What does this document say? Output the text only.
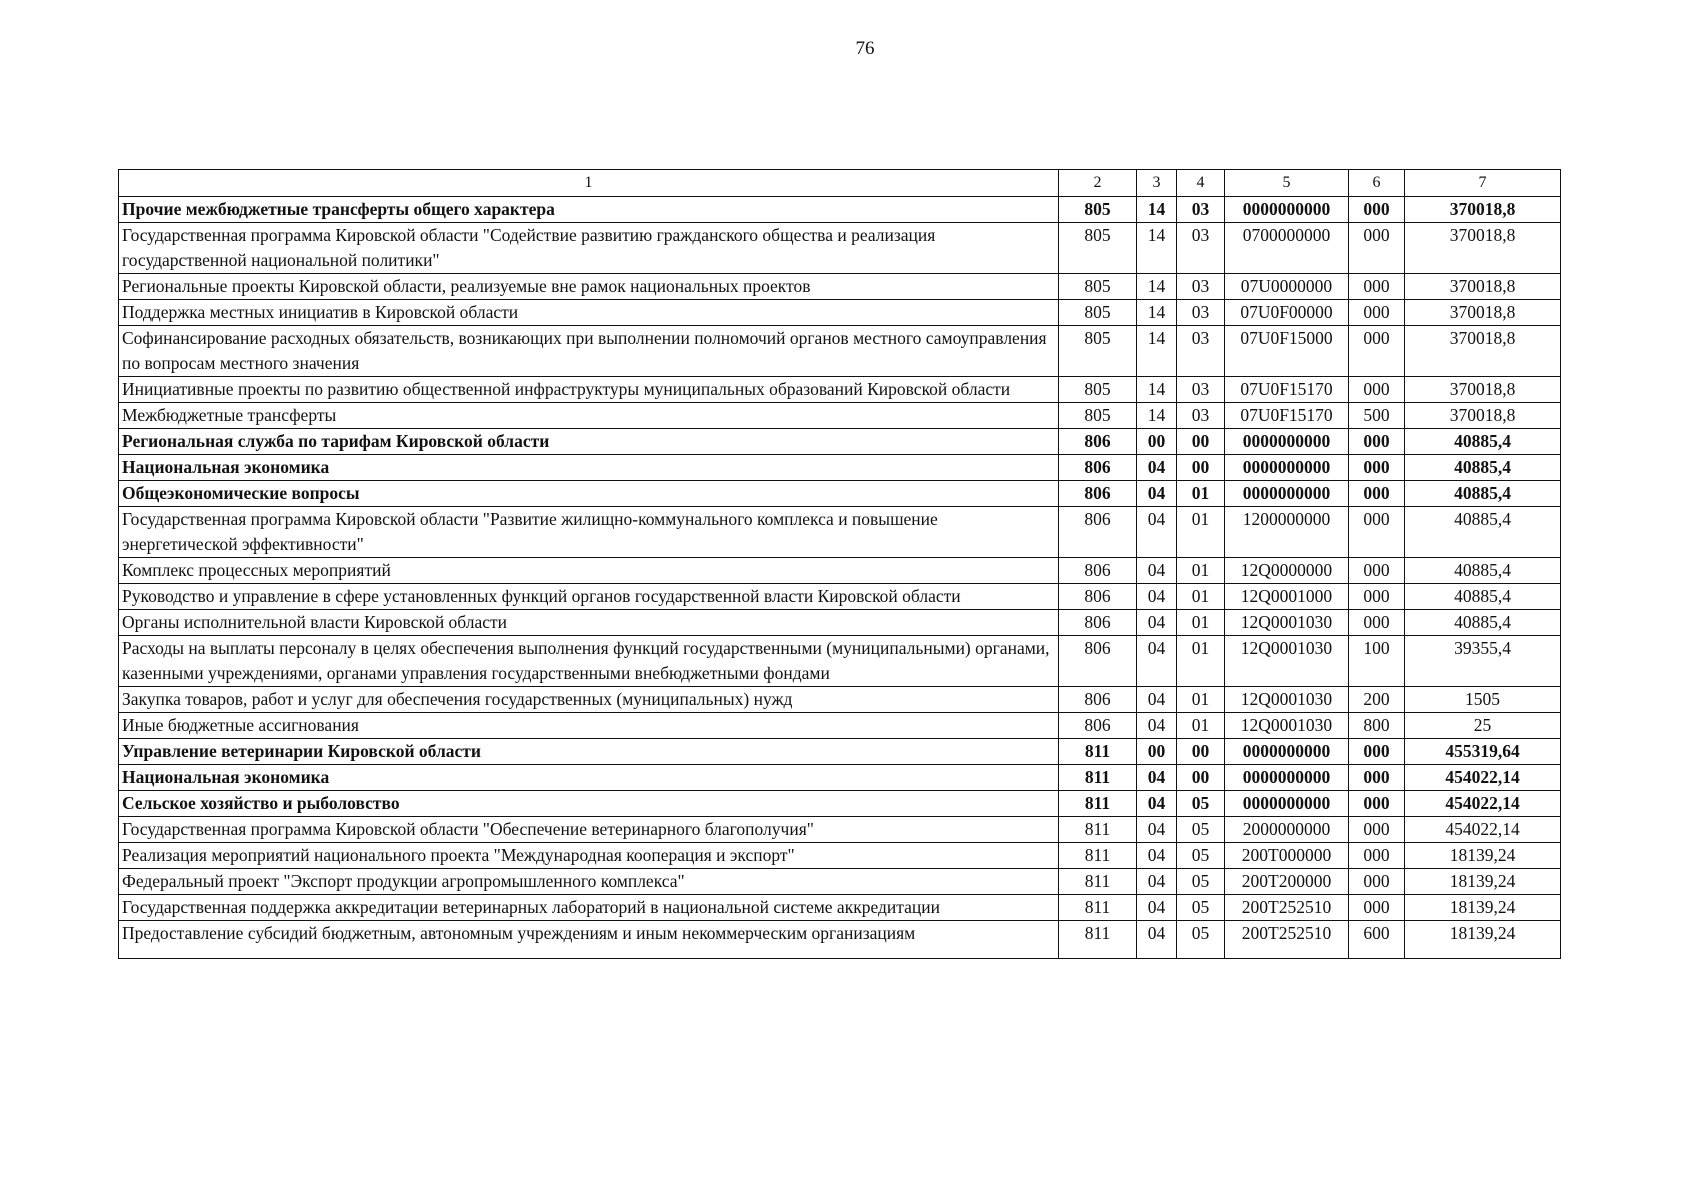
76
1	2	3	4	5	6	7
Прочие межбюджетные трансферты общего характера	805	14	03	0000000000	000	370018,8
Государственная программа Кировской области "Содействие развитию гражданского общества и реализация государственной национальной политики"	805	14	03	0700000000	000	370018,8
Региональные проекты Кировской области, реализуемые вне рамок национальных проектов	805	14	03	07U0000000	000	370018,8
Поддержка местных инициатив в Кировской области	805	14	03	07U0F00000	000	370018,8
Софинансирование расходных обязательств, возникающих при выполнении полномочий органов местного самоуправления по вопросам местного значения	805	14	03	07U0F15000	000	370018,8
Инициативные проекты по развитию общественной инфраструктуры муниципальных образований Кировской области	805	14	03	07U0F15170	000	370018,8
Межбюджетные трансферты	805	14	03	07U0F15170	500	370018,8
Региональная служба по тарифам Кировской области	806	00	00	0000000000	000	40885,4
Национальная экономика	806	04	00	0000000000	000	40885,4
Общеэкономические вопросы	806	04	01	0000000000	000	40885,4
Государственная программа Кировской области "Развитие жилищно-коммунального комплекса и повышение энергетической эффективности"	806	04	01	1200000000	000	40885,4
Комплекс процессных мероприятий	806	04	01	12Q0000000	000	40885,4
Руководство и управление в сфере установленных функций органов государственной власти Кировской области	806	04	01	12Q0001000	000	40885,4
Органы исполнительной власти Кировской области	806	04	01	12Q0001030	000	40885,4
Расходы на выплаты персоналу в целях обеспечения выполнения функций государственными (муниципальными) органами, казенными учреждениями, органами управления государственными внебюджетными фондами	806	04	01	12Q0001030	100	39355,4
Закупка товаров, работ и услуг для обеспечения государственных (муниципальных) нужд	806	04	01	12Q0001030	200	1505
Иные бюджетные ассигнования	806	04	01	12Q0001030	800	25
Управление ветеринарии Кировской области	811	00	00	0000000000	000	455319,64
Национальная экономика	811	04	00	0000000000	000	454022,14
Сельское хозяйство и рыболовство	811	04	05	0000000000	000	454022,14
Государственная программа Кировской области "Обеспечение ветеринарного благополучия"	811	04	05	2000000000	000	454022,14
Реализация мероприятий национального проекта "Международная кооперация и экспорт"	811	04	05	200T000000	000	18139,24
Федеральный проект "Экспорт продукции агропромышленного комплекса"	811	04	05	200T200000	000	18139,24
Государственная поддержка аккредитации ветеринарных лабораторий в национальной системе аккредитации	811	04	05	200T252510	000	18139,24
Предоставление субсидий бюджетным, автономным учреждениям и иным некоммерческим организациям	811	04	05	200T252510	600	18139,24
